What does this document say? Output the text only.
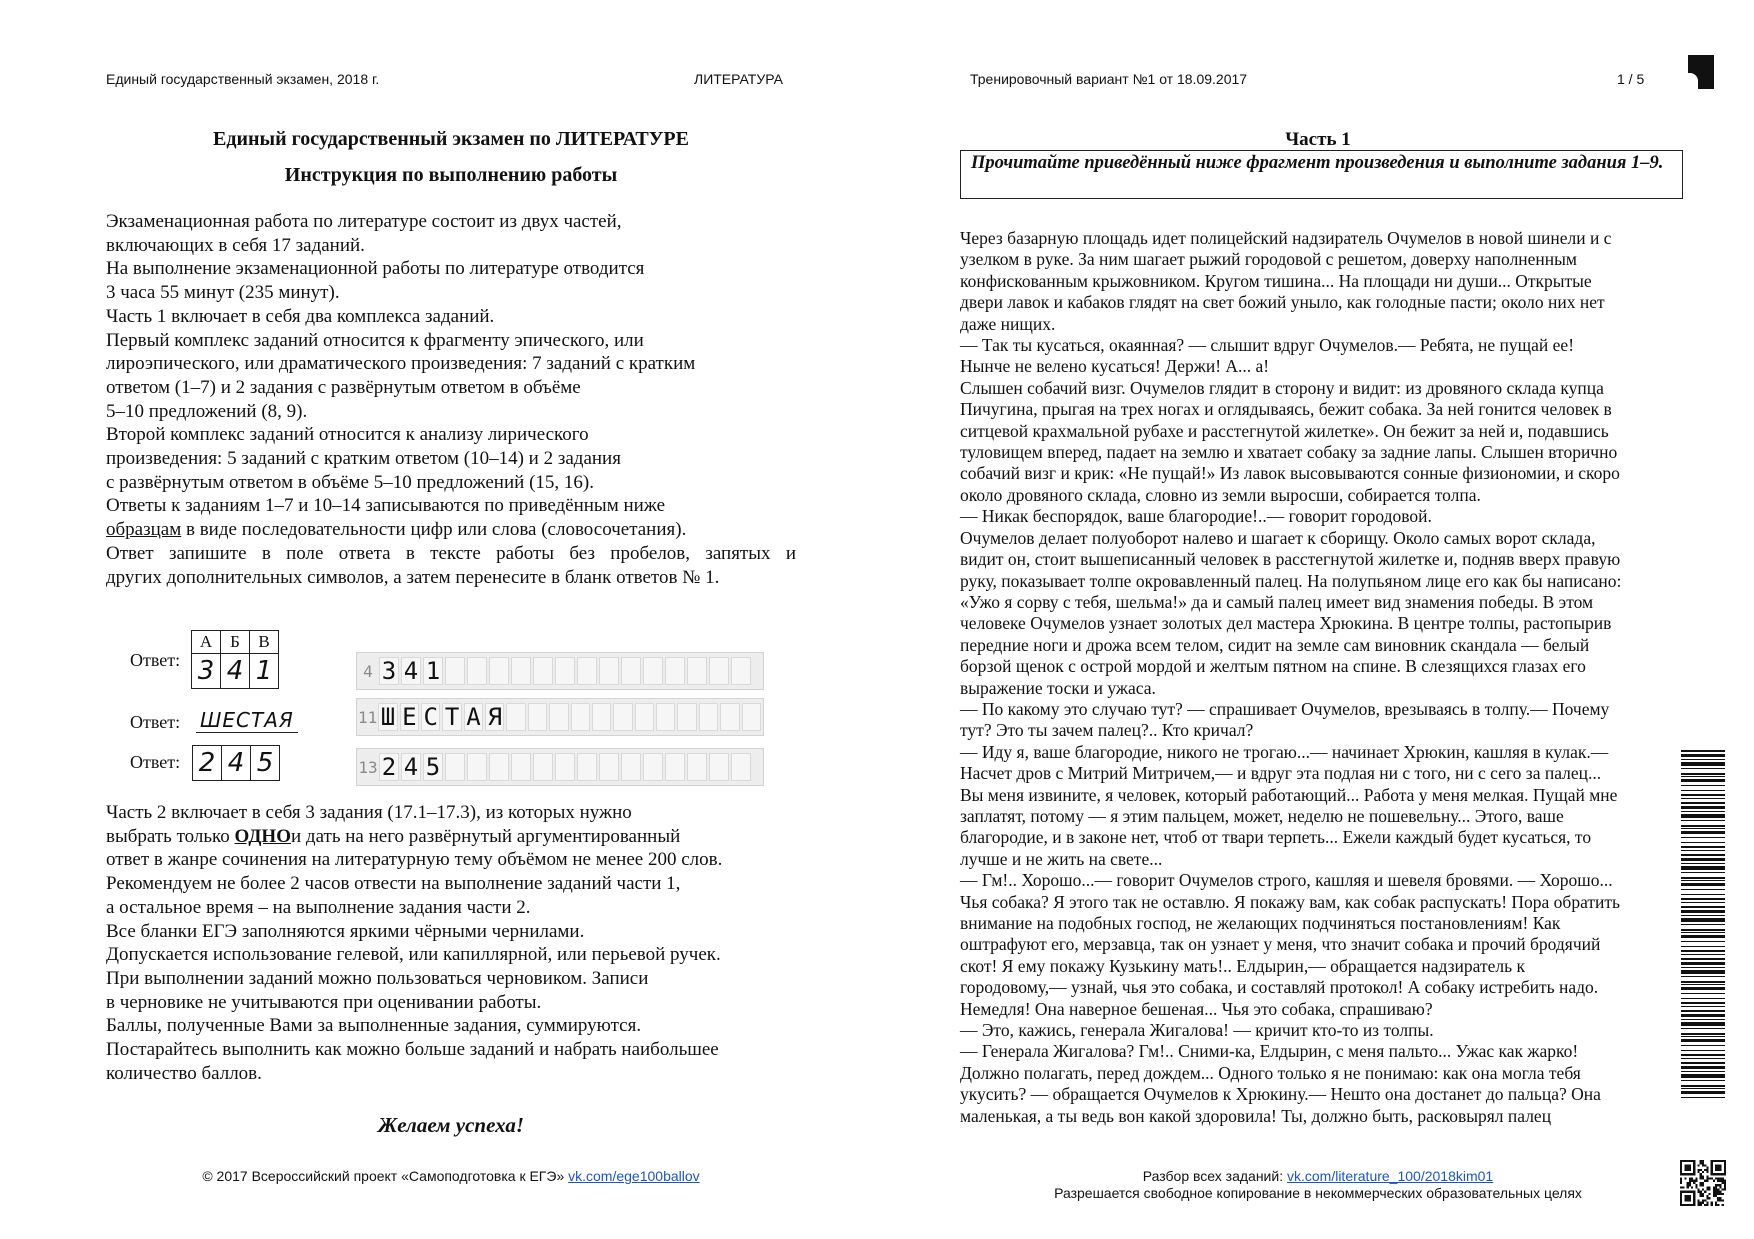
Единый государственный экзамен, 2018 г.	ЛИТЕРАТУРА	Тренировочный вариант №1 от 18.09.2017	1 / 5
Единый государственный экзамен по ЛИТЕРАТУРЕ
Инструкция по выполнению работы

Экзаменационная работа по литературе состоит из двух частей,

включающих в себя 17 заданий.

На выполнение экзаменационной работы по литературе отводится

3 часа 55 минут (235 минут).

Часть 1 включает в себя два комплекса заданий.

Первый комплекс заданий относится к фрагменту эпического, или

лироэпического, или драматического произведения: 7 заданий с кратким

ответом (1–7) и 2 задания с развёрнутым ответом в объёме

5–10 предложений (8, 9).

Второй комплекс заданий относится к анализу лирического

произведения: 5 заданий с кратким ответом (10–14) и 2 задания

с развёрнутым ответом в объёме 5–10 предложений (15, 16).

Ответы к заданиям 1–7 и 10–14 записываются по приведённым ниже

образцам в виде последовательности цифр или слова (словосочетания).

Ответ запишите в поле ответа в тексте работы без пробелов, запятых и

других дополнительных символов, а затем перенесите в бланк ответов № 1.

Ответ:
А	Б	В
3	4	1	4 3 4 1
Ответ: ШЕСТАЯ	11 Ш Е С Т А Я
Ответ: 2	4	5	13 2 4 5

Часть 2 включает в себя 3 задания (17.1–17.3), из которых нужно

выбрать только ОДНОи дать на него развёрнутый аргументированный

ответ в жанре сочинения на литературную тему объёмом не менее 200 слов.

Рекомендуем не более 2 часов отвести на выполнение заданий части 1,

а остальное время – на выполнение задания части 2.

Все бланки ЕГЭ заполняются яркими чёрными чернилами.

Допускается использование гелевой, или капиллярной, или перьевой ручек.

При выполнении заданий можно пользоваться черновиком. Записи

в черновике не учитываются при оценивании работы.

Баллы, полученные Вами за выполненные задания, суммируются.

Постарайтесь выполнить как можно больше заданий и набрать наибольшее

количество баллов.

Желаем успеха!
© 2017 Всероссийский проект «Самоподготовка к ЕГЭ» vk.com/ege100ballov
Часть 1
Прочитайте приведённый ниже фрагмент произведения и выполните задания 1–9.

Через базарную площадь идет полицейский надзиратель Очумелов в новой шинели и с

узелком в руке. За ним шагает рыжий городовой с решетом, доверху наполненным

конфискованным крыжовником. Кругом тишина... На площади ни души... Открытые

двери лавок и кабаков глядят на свет божий уныло, как голодные пасти; около них нет

даже нищих.

— Так ты кусаться, окаянная? — слышит вдруг Очумелов.— Ребята, не пущай ее!

Нынче не велено кусаться! Держи! А... а!

Слышен собачий визг. Очумелов глядит в сторону и видит: из дровяного склада купца

Пичугина, прыгая на трех ногах и оглядываясь, бежит собака. За ней гонится человек в

ситцевой крахмальной рубахе и расстегнутой жилетке». Он бежит за ней и, подавшись

туловищем вперед, падает на землю и хватает собаку за задние лапы. Слышен вторично

собачий визг и крик: «Не пущай!» Из лавок высовываются сонные физиономии, и скоро

около дровяного склада, словно из земли выросши, собирается толпа.

— Никак беспорядок, ваше благородие!..— говорит городовой.

Очумелов делает полуоборот налево и шагает к сборищу. Около самых ворот склада,

видит он, стоит вышеписанный человек в расстегнутой жилетке и, подняв вверх правую

руку, показывает толпе окровавленный палец. На полупьяном лице его как бы написано:

«Ужо я сорву с тебя, шельма!» да и самый палец имеет вид знамения победы. В этом

человеке Очумелов узнает золотых дел мастера Хрюкина. В центре толпы, растопырив

передние ноги и дрожа всем телом, сидит на земле сам виновник скандала — белый

борзой щенок с острой мордой и желтым пятном на спине. В слезящихся глазах его

выражение тоски и ужаса.

— По какому это случаю тут? — спрашивает Очумелов, врезываясь в толпу.— Почему

тут? Это ты зачем палец?.. Кто кричал?

— Иду я, ваше благородие, никого не трогаю...— начинает Хрюкин, кашляя в кулак.—

Насчет дров с Митрий Митричем,— и вдруг эта подлая ни с того, ни с сего за палец...

Вы меня извините, я человек, который работающий... Работа у меня мелкая. Пущай мне

заплатят, потому — я этим пальцем, может, неделю не пошевельну... Этого, ваше

благородие, и в законе нет, чтоб от твари терпеть... Ежели каждый будет кусаться, то

лучше и не жить на свете...

— Гм!.. Хорошо...— говорит Очумелов строго, кашляя и шевеля бровями. — Хорошо...

Чья собака? Я этого так не оставлю. Я покажу вам, как собак распускать! Пора обратить

внимание на подобных господ, не желающих подчиняться постановлениям! Как

оштрафуют его, мерзавца, так он узнает у меня, что значит собака и прочий бродячий

скот! Я ему покажу Кузькину мать!.. Елдырин,— обращается надзиратель к

городовому,— узнай, чья это собака, и составляй протокол! А собаку истребить надо.

Немедля! Она наверное бешеная... Чья это собака, спрашиваю?

— Это, кажись, генерала Жигалова! — кричит кто-то из толпы.

— Генерала Жигалова? Гм!.. Сними-ка, Елдырин, с меня пальто... Ужас как жарко!

Должно полагать, перед дождем... Одного только я не понимаю: как она могла тебя

укусить? — обращается Очумелов к Хрюкину.— Нешто она достанет до пальца? Она

маленькая, а ты ведь вон какой здоровила! Ты, должно быть, расковырял палец

Разбор всех заданий: vk.com/literature_100/2018kim01
Разрешается свободное копирование в некоммерческих образовательных целях
